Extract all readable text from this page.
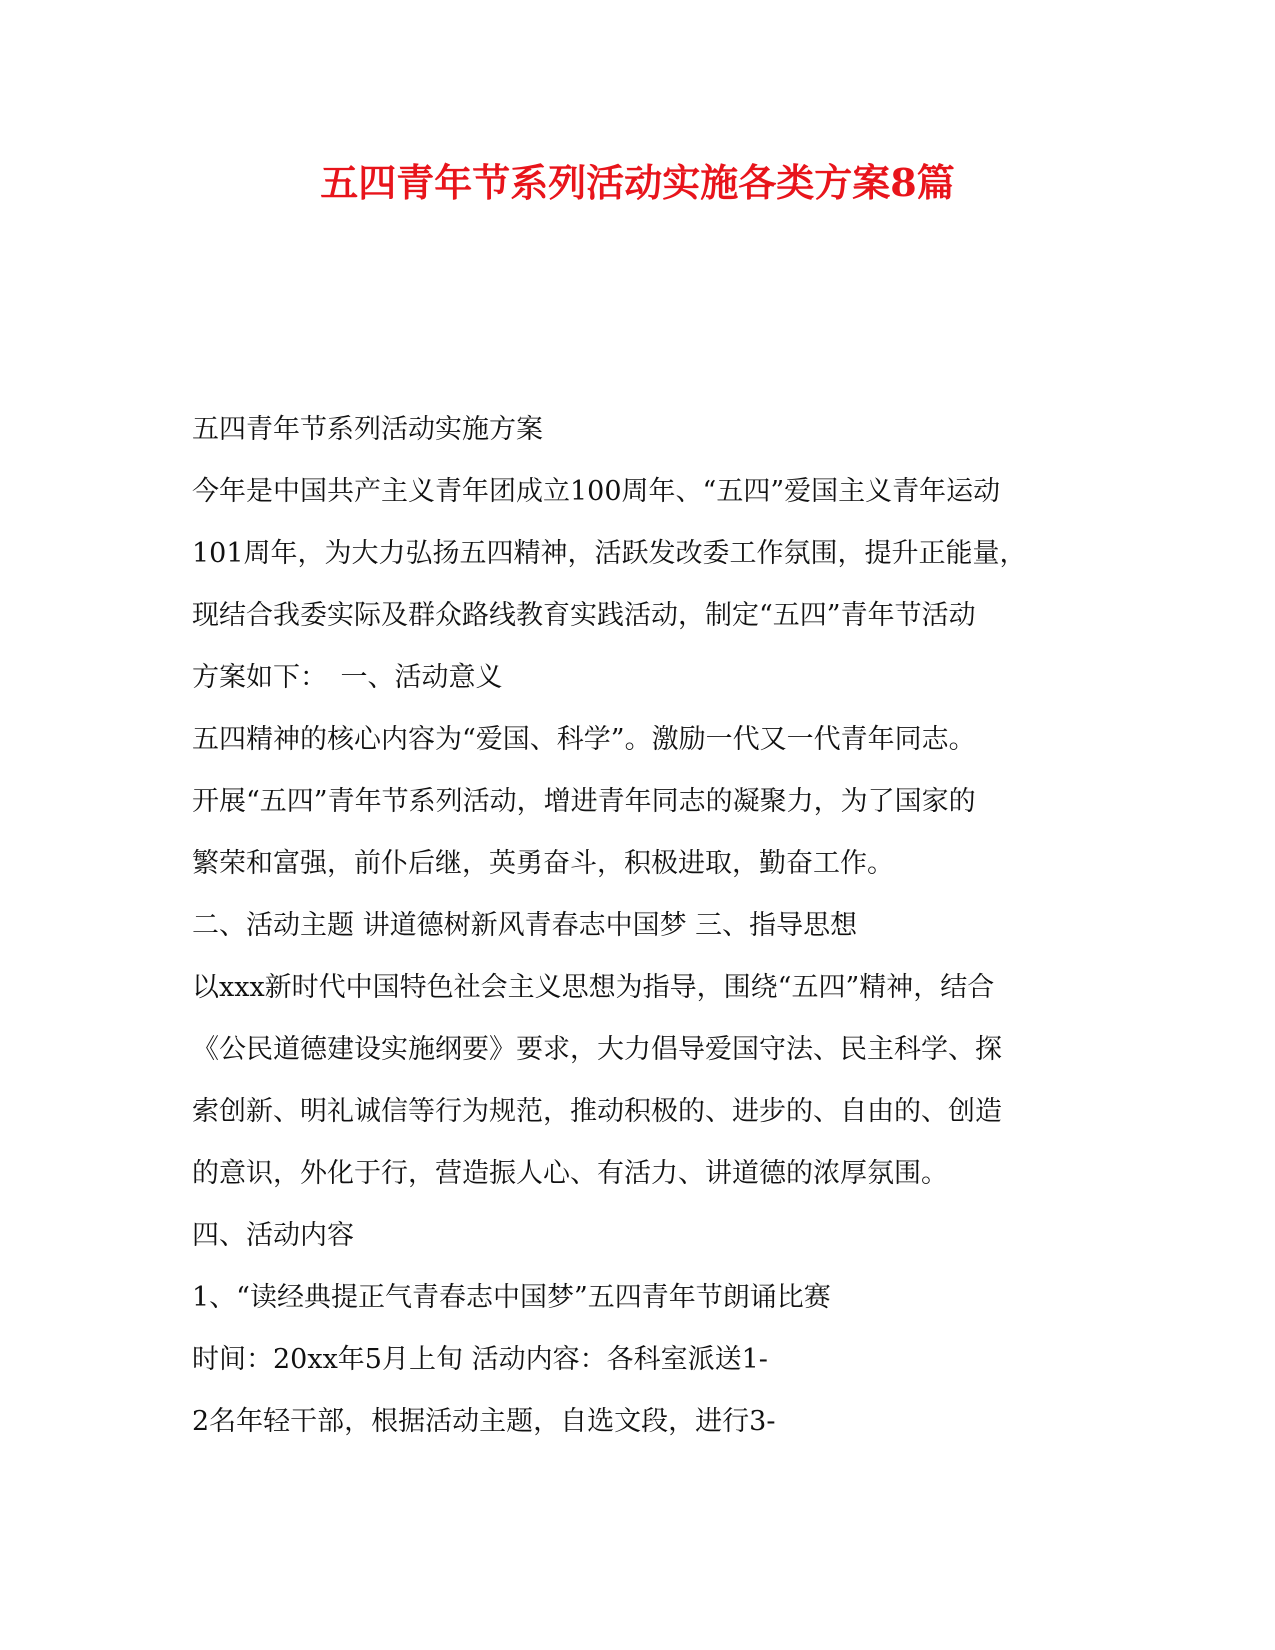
五四青年节系列活动实施各类方案8篇
五四青年节系列活动实施方案
今年是中国共产主义青年团成立100周年、“五四”爱国主义青年运动
101周年，为大力弘扬五四精神，活跃发改委工作氛围，提升正能量，
现结合我委实际及群众路线教育实践活动，制定“五四”青年节活动
方案如下：　一、活动意义
五四精神的核心内容为“爱国、科学”。激励一代又一代青年同志。
开展“五四”青年节系列活动，增进青年同志的凝聚力，为了国家的
繁荣和富强，前仆后继，英勇奋斗，积极进取，勤奋工作。
二、活动主题 讲道德树新风青春志中国梦 三、指导思想
以xxx新时代中国特色社会主义思想为指导，围绕“五四”精神，结合
《公民道德建设实施纲要》要求，大力倡导爱国守法、民主科学、探
索创新、明礼诚信等行为规范，推动积极的、进步的、自由的、创造
的意识，外化于行，营造振人心、有活力、讲道德的浓厚氛围。
四、活动内容
1、“读经典提正气青春志中国梦”五四青年节朗诵比赛
时间：20xx年5月上旬 活动内容：各科室派送1-
2名年轻干部，根据活动主题，自选文段，进行3-
